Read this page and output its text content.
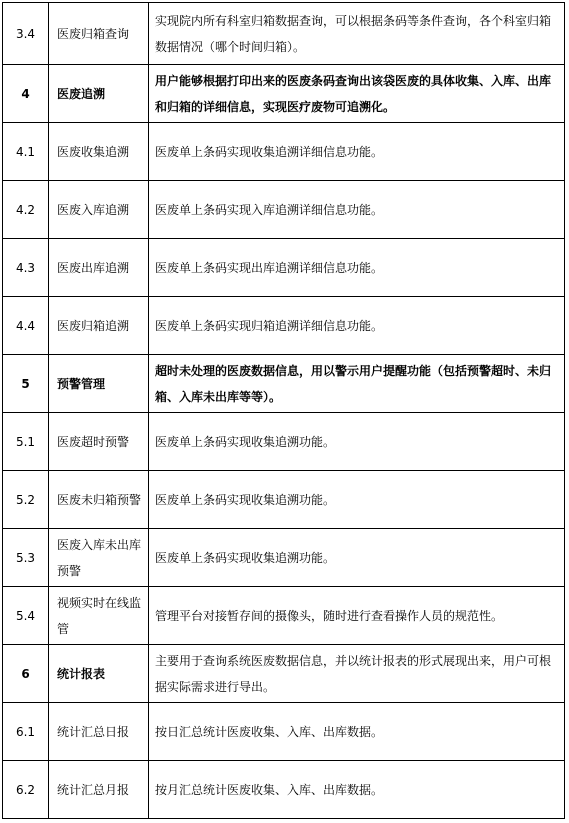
3.4	医废归箱查询	实现院内所有科室归箱数据查询，可以根据条码等条件查询，各个科室归箱数据情况（哪个时间归箱）。
4	医废追溯	用户能够根据打印出来的医废条码查询出该袋医废的具体收集、入库、出库和归箱的详细信息，实现医疗废物可追溯化。
4.1	医废收集追溯	医废单上条码实现收集追溯详细信息功能。
4.2	医废入库追溯	医废单上条码实现入库追溯详细信息功能。
4.3	医废出库追溯	医废单上条码实现出库追溯详细信息功能。
4.4	医废归箱追溯	医废单上条码实现归箱追溯详细信息功能。
5	预警管理	超时未处理的医废数据信息，用以警示用户提醒功能（包括预警超时、未归箱、入库未出库等等）。
5.1	医废超时预警	医废单上条码实现收集追溯功能。
5.2	医废未归箱预警	医废单上条码实现收集追溯功能。
5.3	医废入库未出库预警	医废单上条码实现收集追溯功能。
5.4	视频实时在线监管	管理平台对接暂存间的摄像头，随时进行查看操作人员的规范性。
6	统计报表	主要用于查询系统医废数据信息，并以统计报表的形式展现出来，用户可根据实际需求进行导出。
6.1	统计汇总日报	按日汇总统计医废收集、入库、出库数据。
6.2	统计汇总月报	按月汇总统计医废收集、入库、出库数据。
